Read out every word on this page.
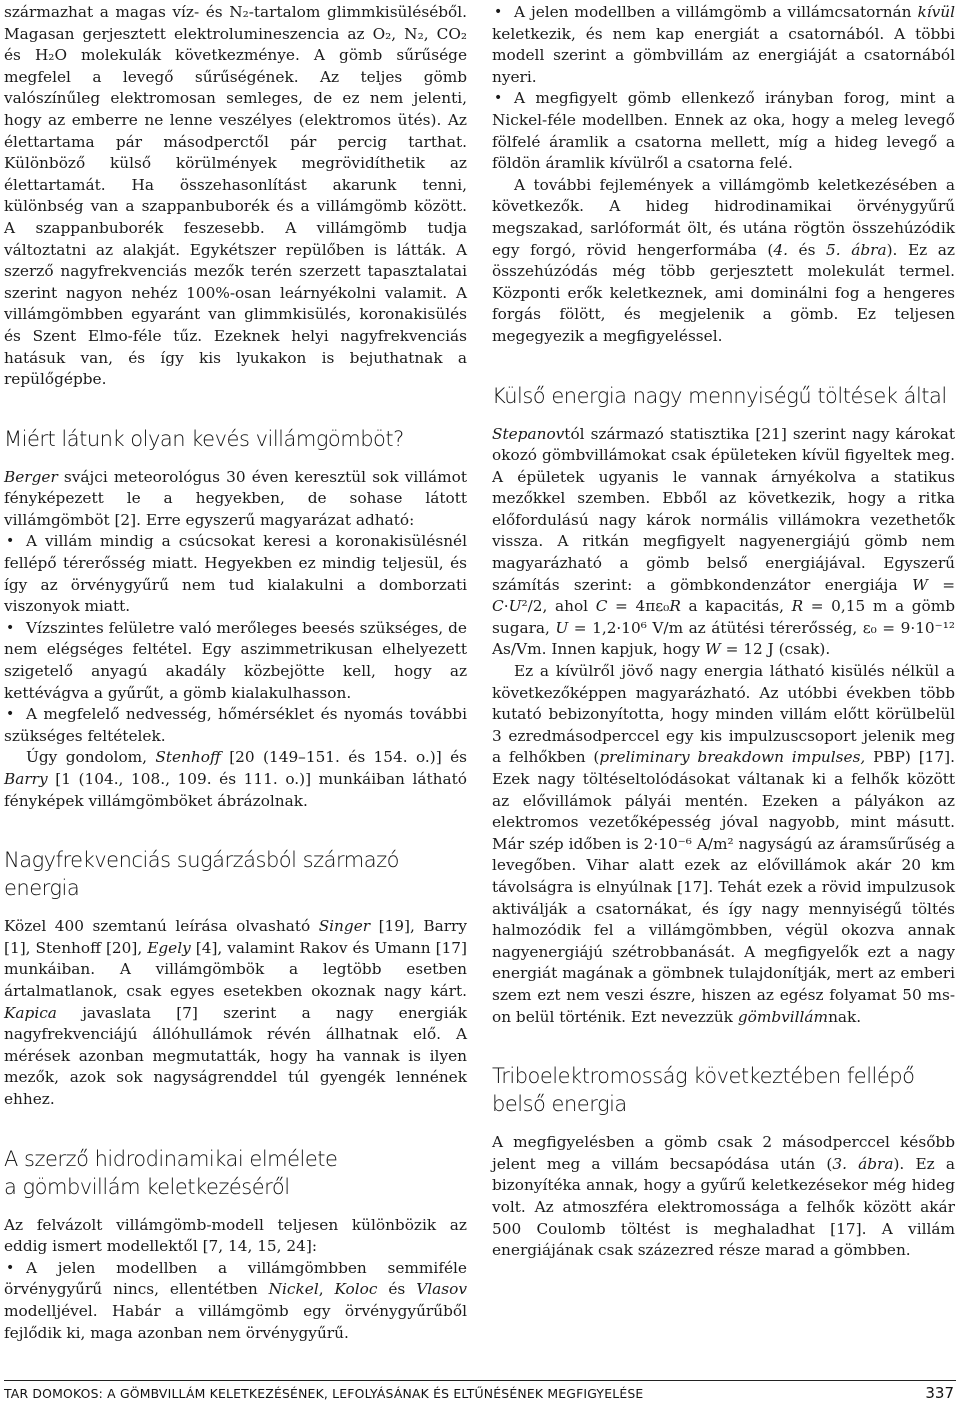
származhat a magas víz- és N₂-tartalom glimmkisüléséből. Magasan gerjesztett elektrolumineszencia az O₂, N₂, CO₂ és H₂O molekulák következménye. A gömb sűrűsége megfelel a levegő sűrűségének. Az teljes gömb valószínűleg elektromosan semleges, de ez nem jelenti, hogy az emberre ne lenne veszélyes (elektromos ütés). Az élettartama pár másodperctől pár percig tarthat. Különböző külső körülmények megrövidíthetik az élettartamát. Ha összehasonlítást akarunk tenni, különbség van a szappanbuborék és a villámgömb között. A szappanbuborék feszesebb. A villámgömb tudja változtatni az alakját. Egykétszer repülőben is látták. A szerző nagyfrekvenciás mezők terén szerzett tapasztalatai szerint nagyon nehéz 100%-osan leárnyékolni valamit. A villámgömbben egyaránt van glimmkisülés, koronakisülés és Szent Elmo-féle tűz. Ezeknek helyi nagyfrekvenciás hatásuk van, és így kis lyukakon is bejuthatnak a repülőgépbe.

Miért látunk olyan kevés villámgömböt?

Berger svájci meteorológus 30 éven keresztül sok villámot fényképezett le a hegyekben, de sohase látott villámgömböt [2]. Erre egyszerű magyarázat adható:

• A villám mindig a csúcsokat keresi a koronakisülésnél fellépő térerősség miatt. Hegyekben ez mindig teljesül, és így az örvénygyűrű nem tud kialakulni a domborzati viszonyok miatt.
• Vízszintes felületre való merőleges beesés szükséges, de nem elégséges feltétel. Egy aszimmetrikusan elhelyezett szigetelő anyagú akadály közbejötte kell, hogy az kettévágva a gyűrűt, a gömb kialakulhasson.
• A megfelelő nedvesség, hőmérséklet és nyomás további szükséges feltételek.

Úgy gondolom, Stenhoff [20 (149–151. és 154. o.)] és Barry [1 (104., 108., 109. és 111. o.)] munkáiban látható fényképek villámgömböket ábrázolnak.

Nagyfrekvenciás sugárzásból származó energia

Közel 400 szemtanú leírása olvasható Singer [19], Barry [1], Stenhoff [20], Egely [4], valamint Rakov és Umann [17] munkáiban. A villámgömbök a legtöbb esetben ártalmatlanok, csak egyes esetekben okoznak nagy kárt. Kapica javaslata [7] szerint a nagy energiák nagyfrekvenciájú állóhullámok révén állhatnak elő. A mérések azonban megmutatták, hogy ha vannak is ilyen mezők, azok sok nagyságrenddel túl gyengék lennének ehhez.

A szerző hidrodinamikai elmélete
a gömbvillám keletkezéséről

Az felvázolt villámgömb-modell teljesen különbözik az eddig ismert modellektől [7, 14, 15, 24]:

• A jelen modellben a villámgömbben semmiféle örvénygyűrű nincs, ellentétben Nickel, Koloc és Vlasov modelljével. Habár a villámgömb egy örvénygyűrűből fejlődik ki, maga azonban nem örvénygyűrű.
• A jelen modellben a villámgömb a villámcsatornán kívül keletkezik, és nem kap energiát a csatornából. A többi modell szerint a gömbvillám az energiáját a csatornából nyeri.
• A megfigyelt gömb ellenkező irányban forog, mint a Nickel-féle modellben. Ennek az oka, hogy a meleg levegő fölfelé áramlik a csatorna mellett, míg a hideg levegő a földön áramlik kívülről a csatorna felé.

A további fejlemények a villámgömb keletkezésében a következők. A hideg hidrodinamikai örvénygyűrű megszakad, sarlóformát ölt, és utána rögtön összehúzódik egy forgó, rövid hengerformába (4. és 5. ábra). Ez az összehúzódás még több gerjesztett molekulát termel. Központi erők keletkeznek, ami dominálni fog a hengeres forgás fölött, és megjelenik a gömb. Ez teljesen megegyezik a megfigyeléssel.

Külső energia nagy mennyiségű töltések által

Stepanovtól származó statisztika [21] szerint nagy károkat okozó gömbvillámokat csak épületeken kívül figyeltek meg. A épületek ugyanis le vannak árnyékolva a statikus mezőkkel szemben. Ebből az következik, hogy a ritka előfordulású nagy károk normális villámokra vezethetők vissza. A ritkán megfigyelt nagyenergiájú gömb nem magyarázható a gömb belső energiájával. Egyszerű számítás szerint: a gömbkondenzátor energiája W = C·U²/2, ahol C = 4πε₀R a kapacitás, R = 0,15 m a gömb sugara, U = 1,2·10⁶ V/m az átütési térerősség, ε₀ = 9·10⁻¹² As/Vm. Innen kapjuk, hogy W = 12 J (csak).

Ez a kívülről jövő nagy energia látható kisülés nélkül a következőképpen magyarázható. Az utóbbi években több kutató bebizonyította, hogy minden villám előtt körülbelül 3 ezredmásodperccel egy kis impulzuscsoport jelenik meg a felhőkben (preliminary breakdown impulses, PBP) [17]. Ezek nagy töltéseltolódásokat váltanak ki a felhők között az elővillámok pályái mentén. Ezeken a pályákon az elektromos vezetőképesség jóval nagyobb, mint másutt. Már szép időben is 2·10⁻⁶ A/m² nagyságú az áramsűrűség a levegőben. Vihar alatt ezek az elővillámok akár 20 km távolságra is elnyúlnak [17]. Tehát ezek a rövid impulzusok aktiválják a csatornákat, és így nagy mennyiségű töltés halmozódik fel a villámgömbben, végül okozva annak nagyenergiájú szétrobbanását. A megfigyelők ezt a nagy energiát magának a gömbnek tulajdonítják, mert az emberi szem ezt nem veszi észre, hiszen az egész folyamat 50 ms-on belül történik. Ezt nevezzük gömbvillámnak.

Triboelektromosság következtében fellépő
belső energia

A megfigyelésben a gömb csak 2 másodperccel később jelent meg a villám becsapódása után (3. ábra). Ez a bizonyítéka annak, hogy a gyűrű keletkezésekor még hideg volt. Az atmoszféra elektromossága a felhők között akár 500 Coulomb töltést is meghaladhat [17]. A villám energiájának csak százezred része marad a gömbben.

TAR DOMOKOS: A GÖMBVILLÁM KELETKEZÉSÉNEK, LEFOLYÁSÁNAK ÉS ELTŰNÉSÉNEK MEGFIGYELÉSE	337
